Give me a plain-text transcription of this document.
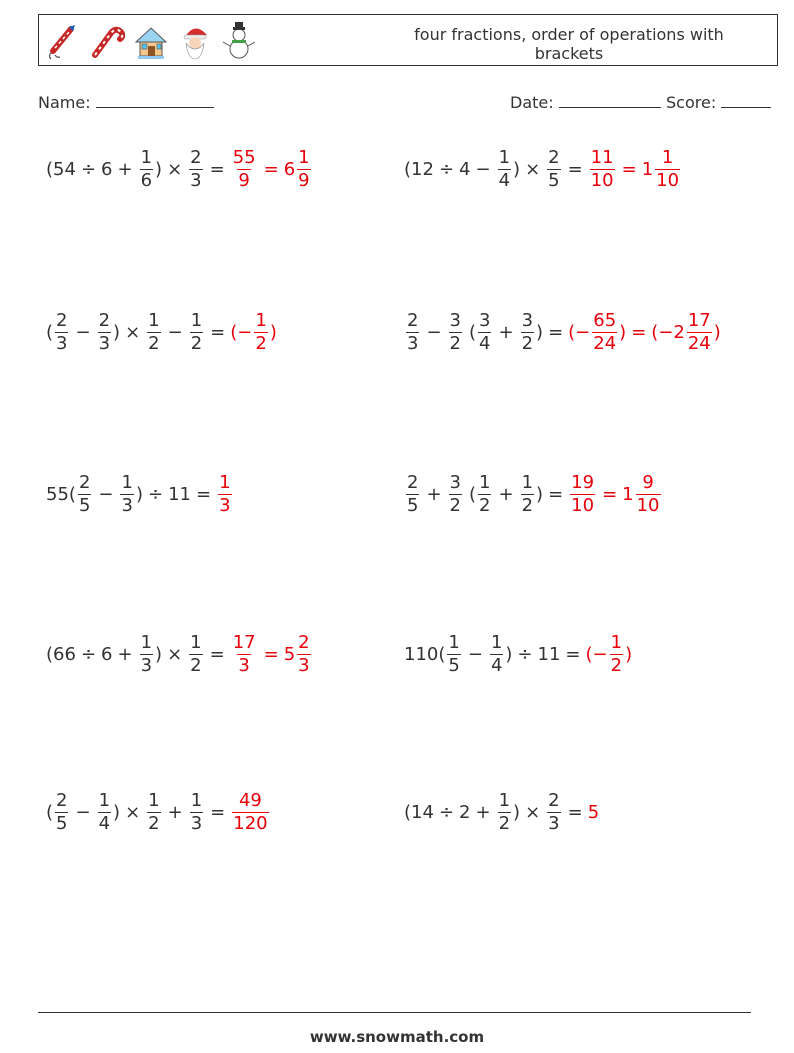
four fractions, order of operations with brackets
Name:	Date:	Score:
($54 \div 6 + \frac{1}{6}$ ) × $\frac{2}{3} = \frac{55}{9} = 6 \frac{1}{9}$	($12 \div 4 - \frac{1}{4}$ ) × $\frac{2}{5} = \frac{11}{10} = 1 \frac{1}{10}$
( $\frac{2}{3} - \frac{2}{3}$ ) × $\frac{1}{2} - \frac{1}{2}$ = (− $\frac{1}{2}$ )	$\frac{2}{3} - \frac{3}{2}$ ( $\frac{3}{4} + \frac{3}{2}$ ) = (− $\frac{65}{24}$ ) = ($-2 \frac{17}{24}$ )
$55( \frac{2}{5} - \frac{1}{3}$ ) ÷ $11 = \frac{1}{3}$	$\frac{2}{5} + \frac{3}{2}$ ( $\frac{1}{2} + \frac{1}{2}$ ) = $\frac{19}{10} = 1 \frac{9}{10}$
($66 \div 6 + \frac{1}{3}$ ) × $\frac{1}{2} = \frac{17}{3} = 5 \frac{2}{3}$	$110( \frac{1}{5} - \frac{1}{4}$ ) ÷ 11 = (− $\frac{1}{2}$ )
( $\frac{2}{5} - \frac{1}{4}$ ) × $\frac{1}{2} + \frac{1}{3} = \frac{49}{120}$	($14 \div 2 + \frac{1}{2}$ ) × $\frac{2}{3} = 5$
www.snowmath.com
